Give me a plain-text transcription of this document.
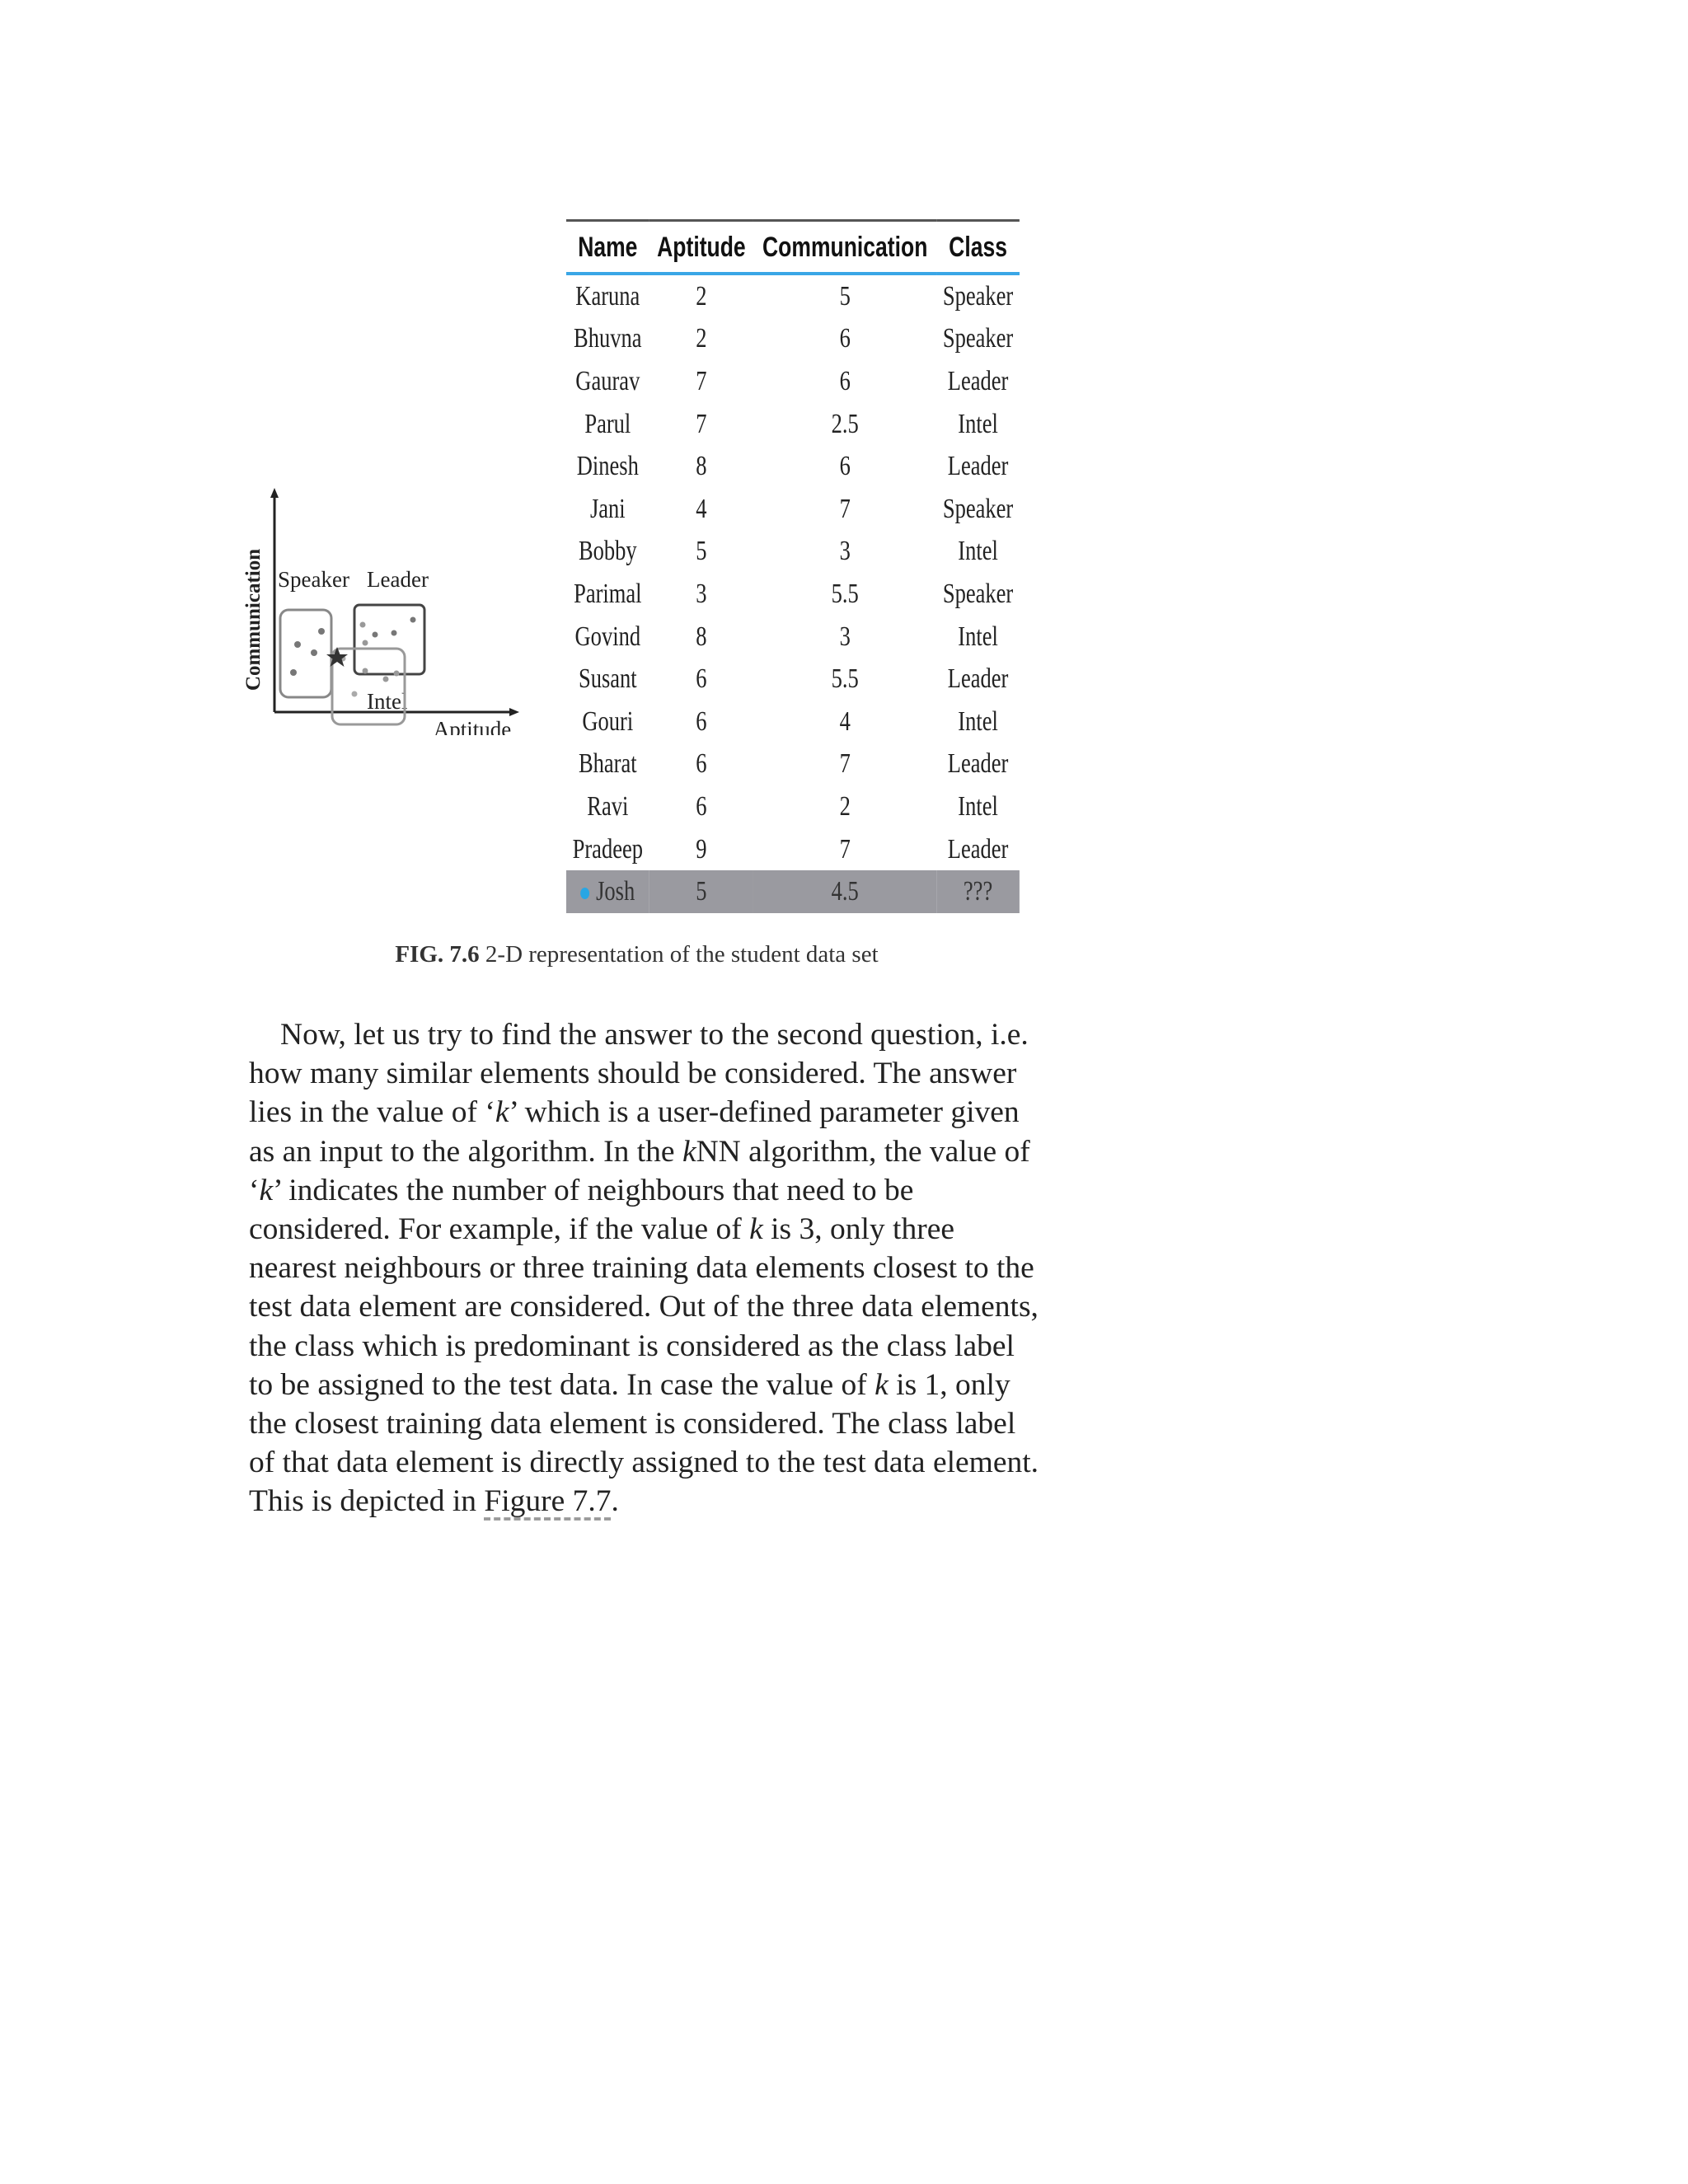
Communication
Aptitude
Speaker Leader
Intel
Name	Aptitude	Communication	Class
Karuna	2	5	Speaker
Bhuvna	2	6	Speaker
Gaurav	7	6	Leader
Parul	7	2.5	Intel
Dinesh	8	6	Leader
Jani	4	7	Speaker
Bobby	5	3	Intel
Parimal	3	5.5	Speaker
Govind	8	3	Intel
Susant	6	5.5	Leader
Gouri	6	4	Intel
Bharat	6	7	Leader
Ravi	6	2	Intel
Pradeep	9	7	Leader
Josh	5	4.5	???
FIG. 7.6 2-D representation of the student data set

Now, let us try to find the answer to the second question, i.e. how many similar elements should be considered. The answer lies in the value of ‘k’ which is a user-defined parameter given as an input to the algorithm. In the kNN algorithm, the value of ‘k’ indicates the number of neighbours that need to be considered. For example, if the value of k is 3, only three nearest neighbours or three training data elements closest to the test data element are considered. Out of the three data elements, the class which is predominant is considered as the class label to be assigned to the test data. In case the value of k is 1, only the closest training data element is considered. The class label of that data element is directly assigned to the test data element. This is depicted in Figure 7.7.
